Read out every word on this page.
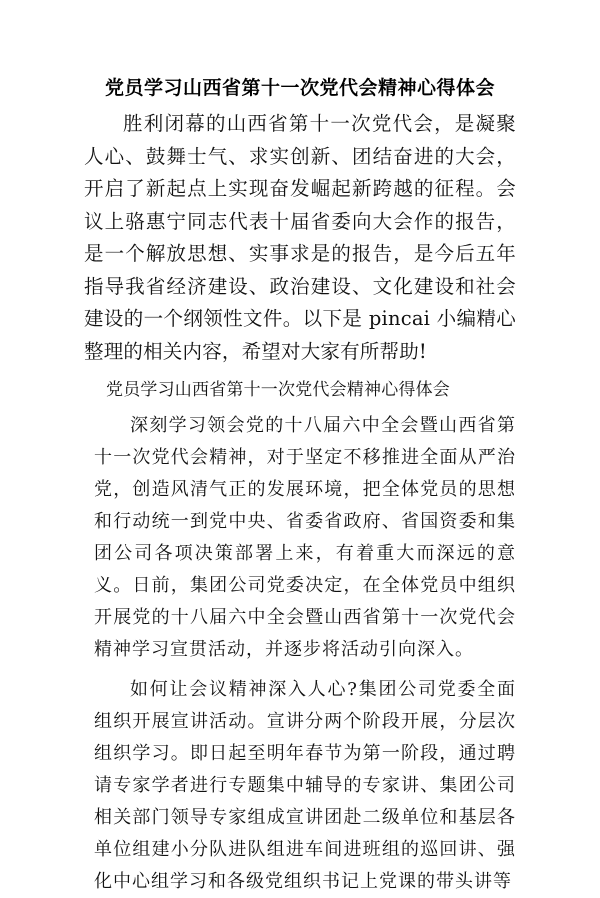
党员学习山西省第十一次党代会精神心得体会

胜利闭幕的山西省第十一次党代会，是凝聚人心、鼓舞士气、求实创新、团结奋进的大会，开启了新起点上实现奋发崛起新跨越的征程。会议上骆惠宁同志代表十届省委向大会作的报告，是一个解放思想、实事求是的报告，是今后五年指导我省经济建设、政治建设、文化建设和社会建设的一个纲领性文件。以下是 pincai 小编精心整理的相关内容，希望对大家有所帮助!

党员学习山西省第十一次党代会精神心得体会

深刻学习领会党的十八届六中全会暨山西省第十一次党代会精神，对于坚定不移推进全面从严治党，创造风清气正的发展环境，把全体党员的思想和行动统一到党中央、省委省政府、省国资委和集团公司各项决策部署上来，有着重大而深远的意义。日前，集团公司党委决定，在全体党员中组织开展党的十八届六中全会暨山西省第十一次党代会精神学习宣贯活动，并逐步将活动引向深入。

如何让会议精神深入人心?集团公司党委全面组织开展宣讲活动。宣讲分两个阶段开展，分层次组织学习。即日起至明年春节为第一阶段，通过聘请专家学者进行专题集中辅导的专家讲、集团公司相关部门领导专家组成宣讲团赴二级单位和基层各单位组建小分队进队组进车间进班组的巡回讲、强化中心组学习和各级党组织书记上党课的带头讲等
